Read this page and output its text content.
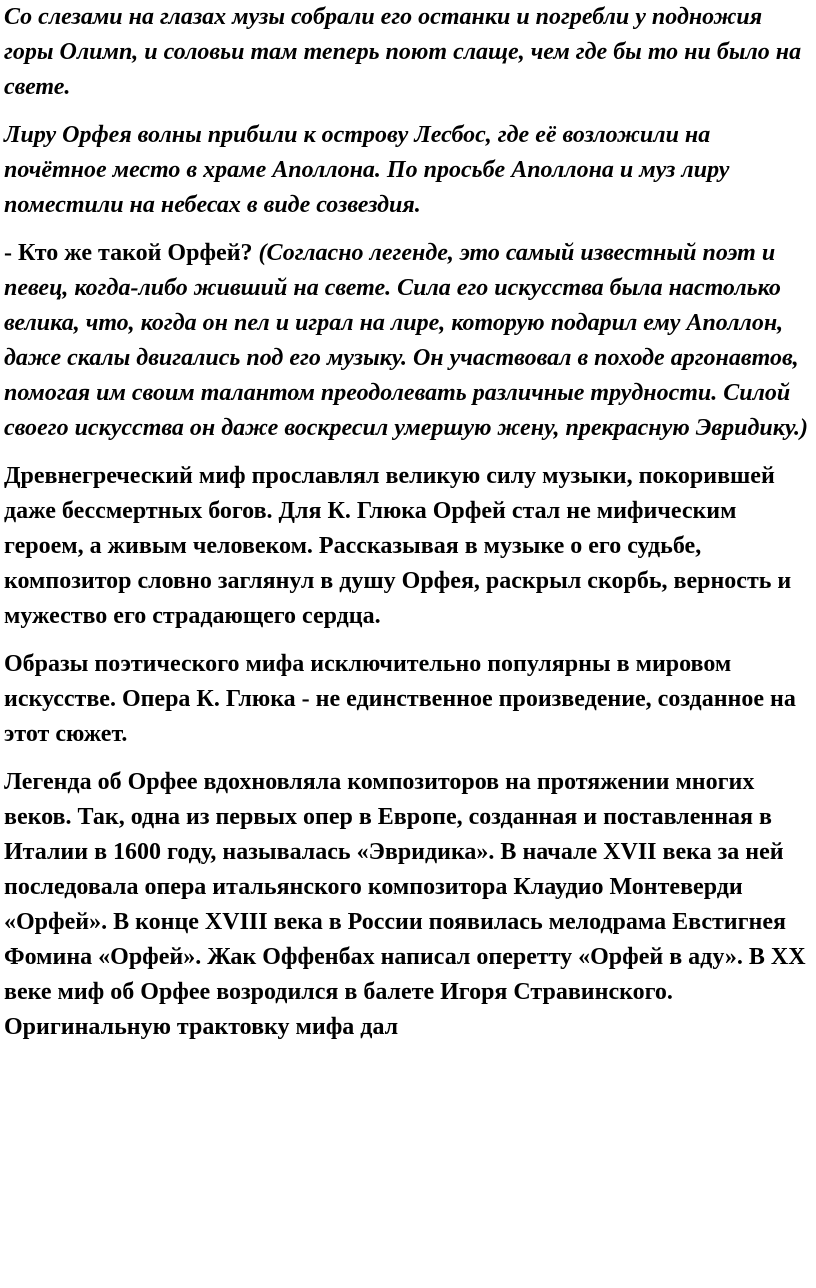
Со слезами на глазах музы собрали его останки и погребли у подножия горы Олимп, и соловьи там теперь поют слаще, чем где бы то ни было на свете.

Лиру Орфея волны прибили к острову Лесбос, где её возложили на почётное место в храме Аполлона. По просьбе Аполлона и муз лиру поместили на небесах в виде созвездия.

- Кто же такой Орфей? (Согласно легенде, это самый известный поэт и певец, когда-либо живший на свете. Сила его искусства была настолько велика, что, когда он пел и играл на лире, которую подарил ему Аполлон, даже скалы двигались под его музыку. Он участвовал в походе аргонавтов, помогая им своим талантом преодолевать различные трудности. Силой своего искусства он даже воскресил умершую жену, прекрасную Эвридику.)

Древнегреческий миф прославлял великую силу музыки, покорившей даже бессмертных богов. Для К. Глюка Орфей стал не мифическим героем, а живым человеком. Рассказывая в музыке о его судьбе, композитор словно заглянул в душу Орфея, раскрыл скорбь, верность и мужество его страдающего сердца.

Образы поэтического мифа исключительно популярны в мировом искусстве. Опера К. Глюка - не единственное произведение, созданное на этот сюжет.

Легенда об Орфее вдохновляла композиторов на протяжении многих веков. Так, одна из первых опер в Европе, созданная и поставленная в Италии в 1600 году, называлась «Эвридика». В начале XVII века за ней последовала опера итальянского композитора Клаудио Монтеверди «Орфей». В конце XVIII века в России появилась мелодрама Евстигнея Фомина «Орфей». Жак Оффенбах написал оперетту «Орфей в аду». В XX веке миф об Орфее возродился в балете Игоря Стравинского. Оригинальную трактовку мифа дал
